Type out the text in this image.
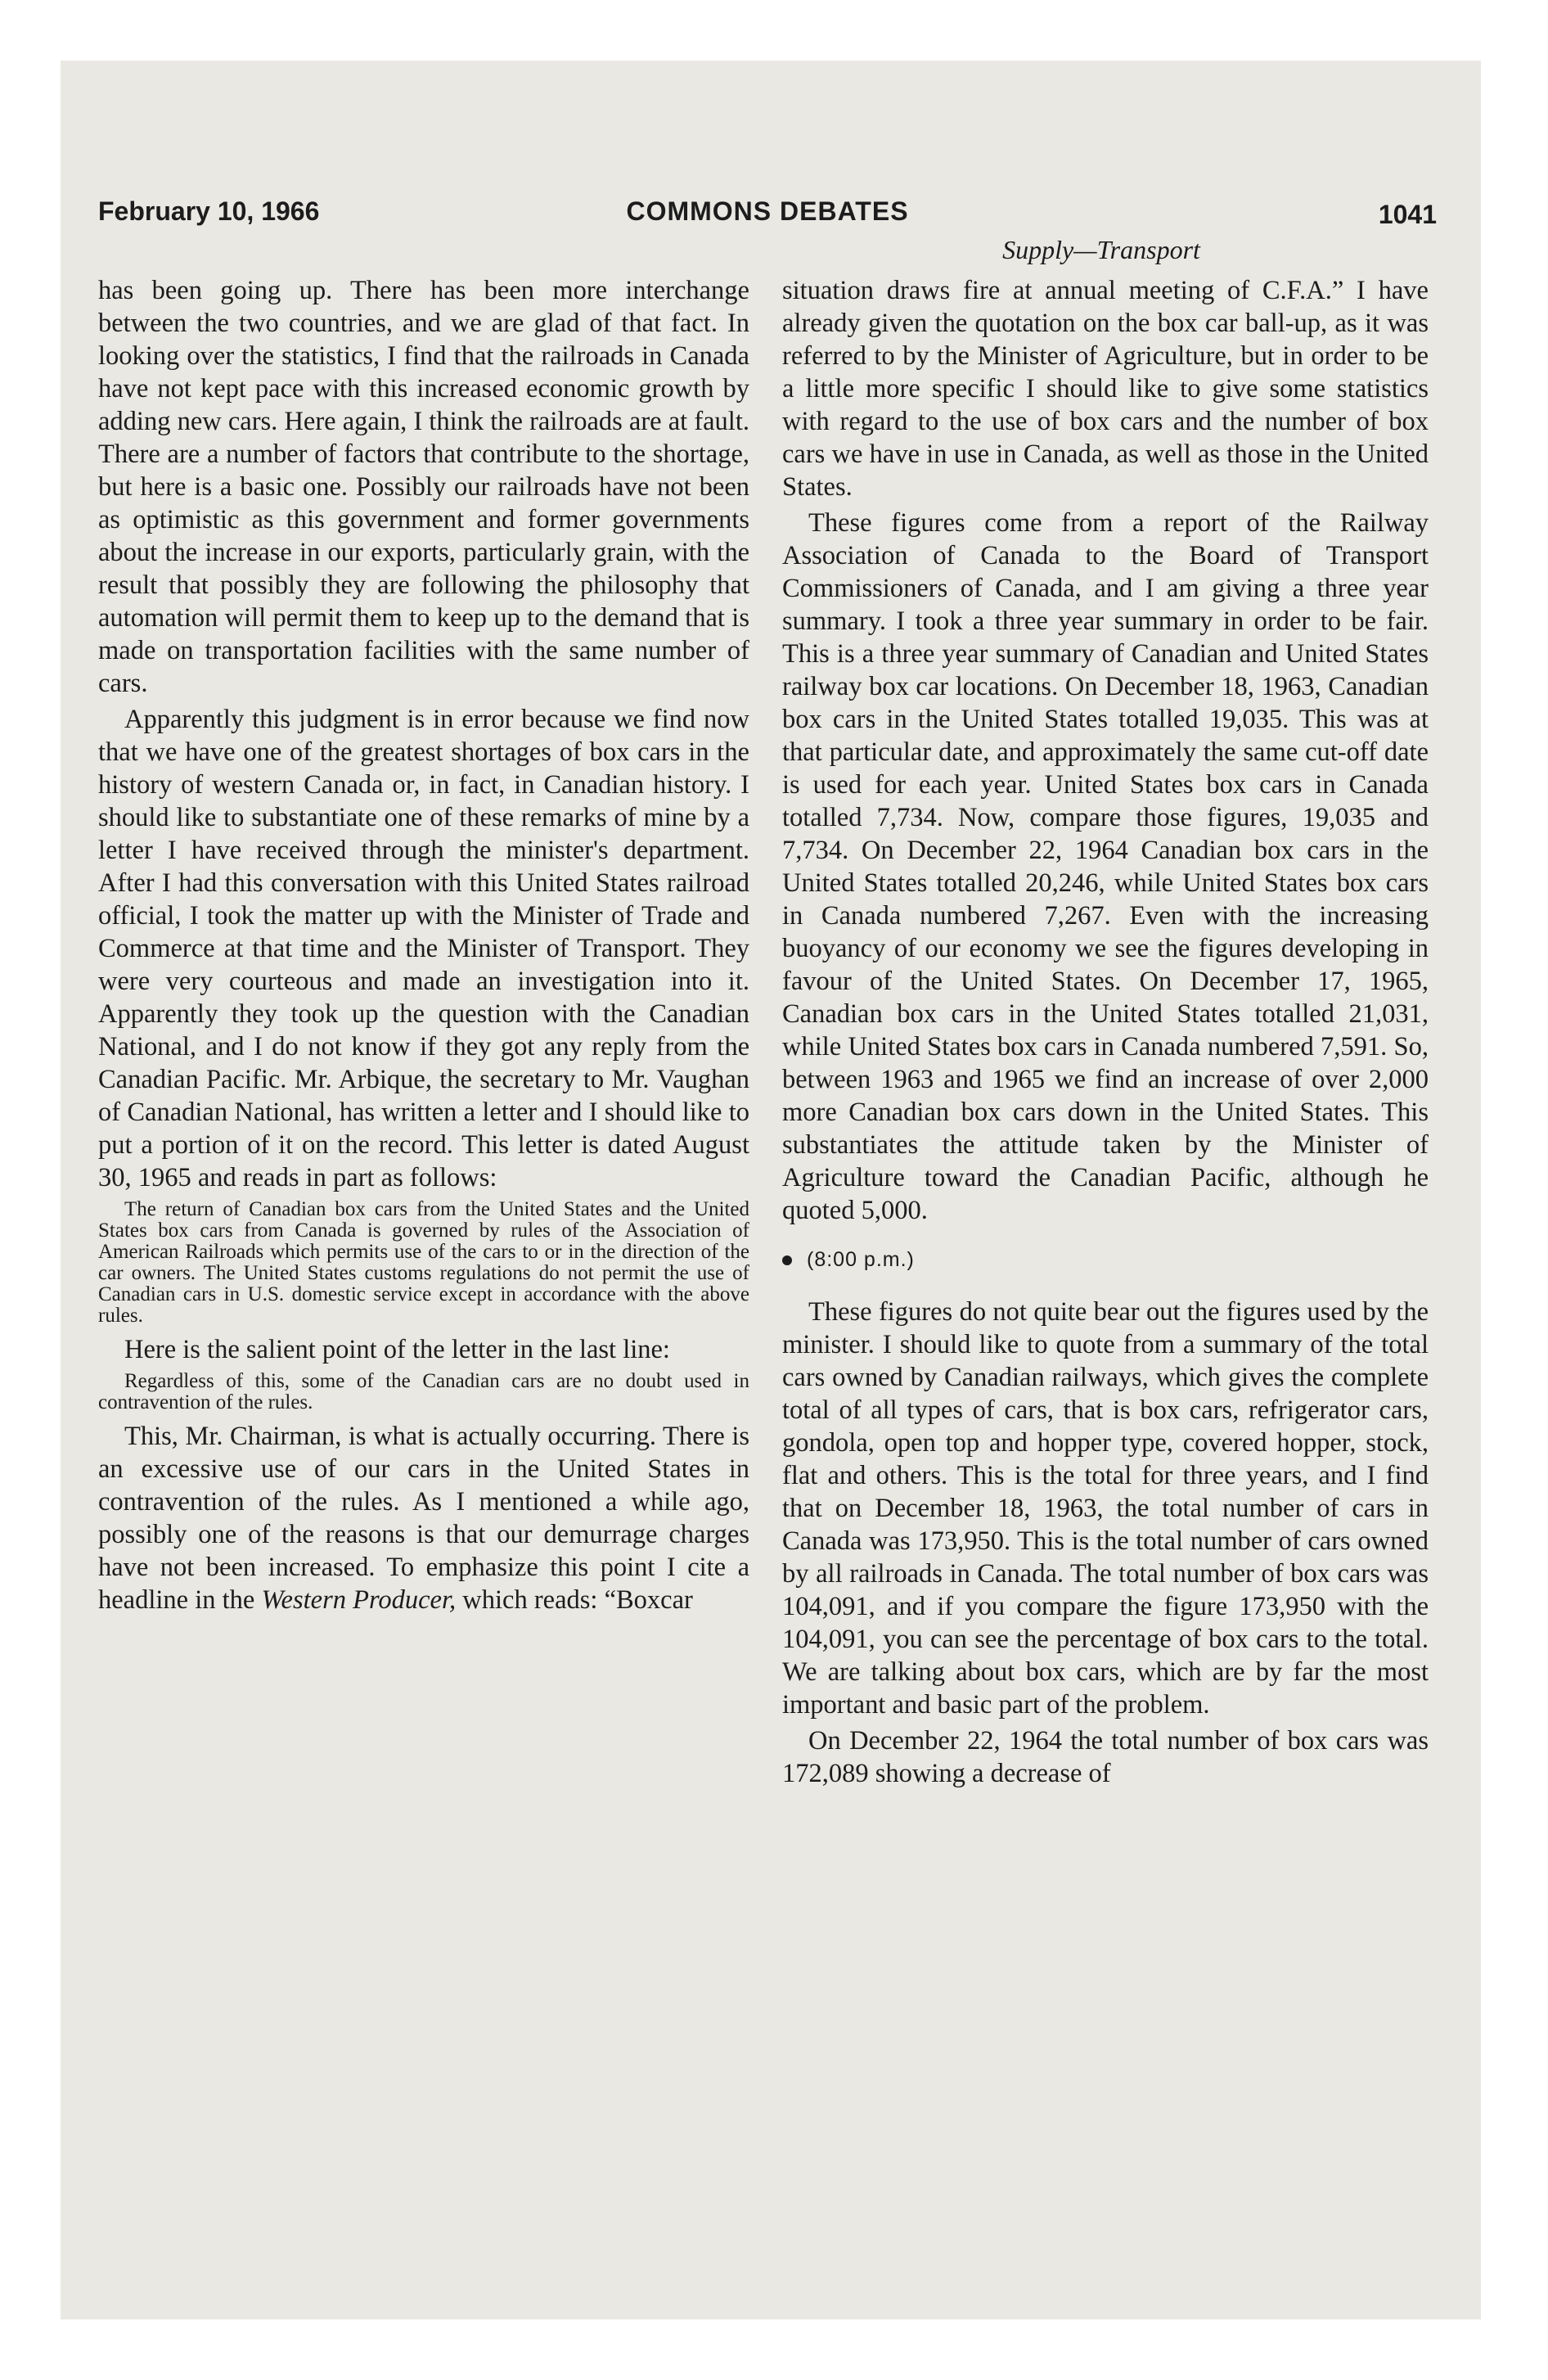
February 10, 1966	COMMONS DEBATES	1041
Supply—Transport

has been going up. There has been more interchange between the two countries, and we are glad of that fact. In looking over the statistics, I find that the railroads in Canada have not kept pace with this increased economic growth by adding new cars. Here again, I think the railroads are at fault. There are a number of factors that contribute to the shortage, but here is a basic one. Possibly our railroads have not been as optimistic as this government and former governments about the increase in our exports, particularly grain, with the result that possibly they are following the philosophy that automation will permit them to keep up to the demand that is made on transportation facilities with the same number of cars.

Apparently this judgment is in error because we find now that we have one of the greatest shortages of box cars in the history of western Canada or, in fact, in Canadian history. I should like to substantiate one of these remarks of mine by a letter I have received through the minister's department. After I had this conversation with this United States railroad official, I took the matter up with the Minister of Trade and Commerce at that time and the Minister of Transport. They were very courteous and made an investigation into it. Apparently they took up the question with the Canadian National, and I do not know if they got any reply from the Canadian Pacific. Mr. Arbique, the secretary to Mr. Vaughan of Canadian National, has written a letter and I should like to put a portion of it on the record. This letter is dated August 30, 1965 and reads in part as follows:

The return of Canadian box cars from the United States and the United States box cars from Canada is governed by rules of the Association of American Railroads which permits use of the cars to or in the direction of the car owners. The United States customs regulations do not permit the use of Canadian cars in U.S. domestic service except in accordance with the above rules.

Here is the salient point of the letter in the last line:

Regardless of this, some of the Canadian cars are no doubt used in contravention of the rules.

This, Mr. Chairman, is what is actually occurring. There is an excessive use of our cars in the United States in contravention of the rules. As I mentioned a while ago, possibly one of the reasons is that our demurrage charges have not been increased. To emphasize this point I cite a headline in the Western Producer, which reads: “Boxcar

situation draws fire at annual meeting of C.F.A.” I have already given the quotation on the box car ball-up, as it was referred to by the Minister of Agriculture, but in order to be a little more specific I should like to give some statistics with regard to the use of box cars and the number of box cars we have in use in Canada, as well as those in the United States.

These figures come from a report of the Railway Association of Canada to the Board of Transport Commissioners of Canada, and I am giving a three year summary. I took a three year summary in order to be fair. This is a three year summary of Canadian and United States railway box car locations. On December 18, 1963, Canadian box cars in the United States totalled 19,035. This was at that particular date, and approximately the same cut-off date is used for each year. United States box cars in Canada totalled 7,734. Now, compare those figures, 19,035 and 7,734. On December 22, 1964 Canadian box cars in the United States totalled 20,246, while United States box cars in Canada numbered 7,267. Even with the increasing buoyancy of our economy we see the figures developing in favour of the United States. On December 17, 1965, Canadian box cars in the United States totalled 21,031, while United States box cars in Canada numbered 7,591. So, between 1963 and 1965 we find an increase of over 2,000 more Canadian box cars down in the United States. This substantiates the attitude taken by the Minister of Agriculture toward the Canadian Pacific, although he quoted 5,000.

(8:00 p.m.)

These figures do not quite bear out the figures used by the minister. I should like to quote from a summary of the total cars owned by Canadian railways, which gives the complete total of all types of cars, that is box cars, refrigerator cars, gondola, open top and hopper type, covered hopper, stock, flat and others. This is the total for three years, and I find that on December 18, 1963, the total number of cars in Canada was 173,950. This is the total number of cars owned by all railroads in Canada. The total number of box cars was 104,091, and if you compare the figure 173,950 with the 104,091, you can see the percentage of box cars to the total. We are talking about box cars, which are by far the most important and basic part of the problem.

On December 22, 1964 the total number of box cars was 172,089 showing a decrease of
